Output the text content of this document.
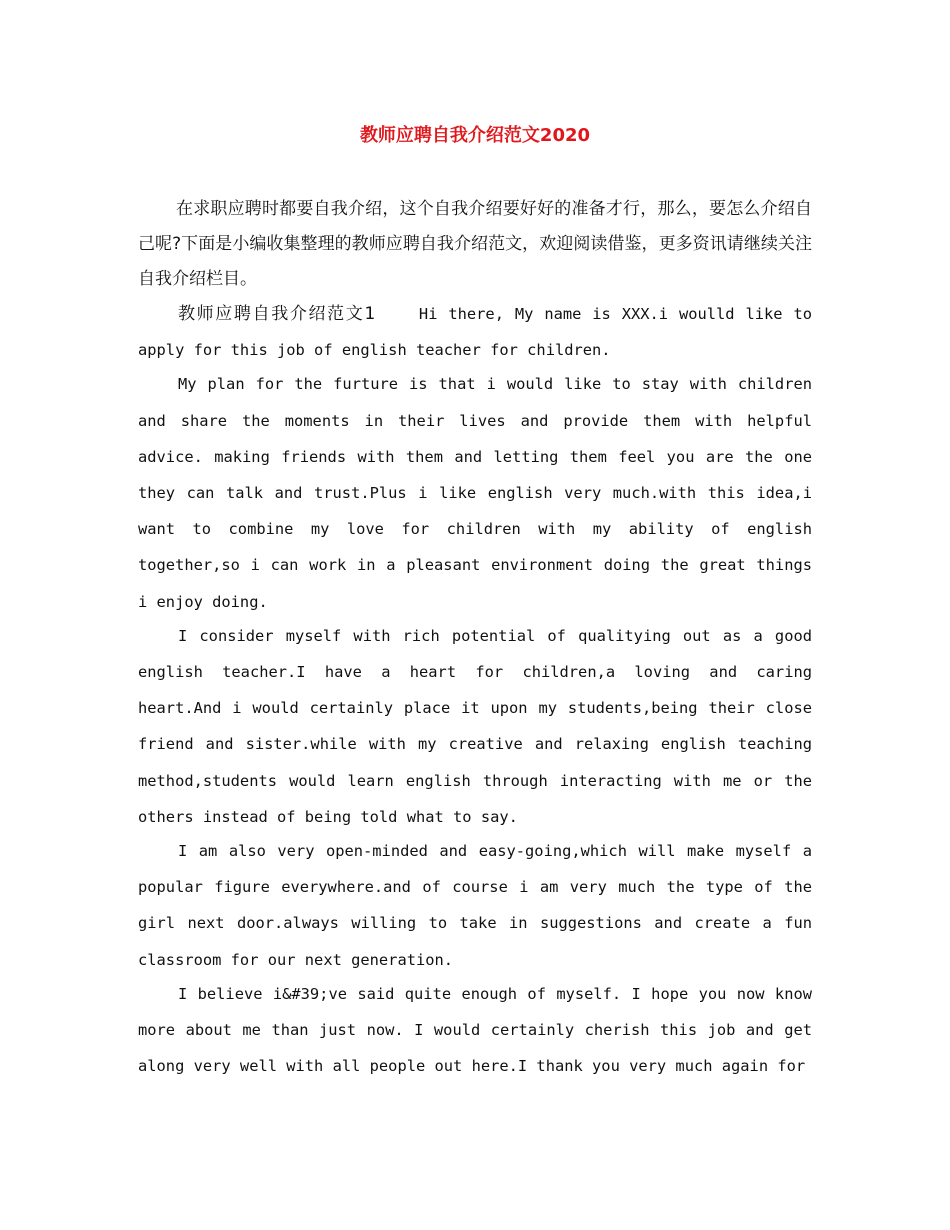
教师应聘自我介绍范文2020

在求职应聘时都要自我介绍，这个自我介绍要好好的准备才行，那么，要怎么介绍自己呢?下面是小编收集整理的教师应聘自我介绍范文，欢迎阅读借鉴，更多资讯请继续关注自我介绍栏目。

教师应聘自我介绍范文1	Hi there, My name is XXX.i woulld like to apply for this job of english teacher for children.

My plan for the furture is that i would like to stay with children and share the moments in their lives and provide them with helpful advice. making friends with them and letting them feel you are the one they can talk and trust.Plus i like english very much.with this idea,i want to combine my love for children with my ability of english together,so i can work in a pleasant environment doing the great things i enjoy doing.

I consider myself with rich potential of qualitying out as a good english teacher.I have a heart for children,a loving and caring heart.And i would certainly place it upon my students,being their close friend and sister.while with my creative and relaxing english teaching method,students would learn english through interacting with me or the others instead of being told what to say.

I am also very open-minded and easy-going,which will make myself a popular figure everywhere.and of course i am very much the type of the girl next door.always willing to take in suggestions and create a fun classroom for our next generation.

I believe i&#39;ve said quite enough of myself. I hope you now know more about me than just now. I would certainly cherish this job and get along very well with all people out here.I thank you very much again for
